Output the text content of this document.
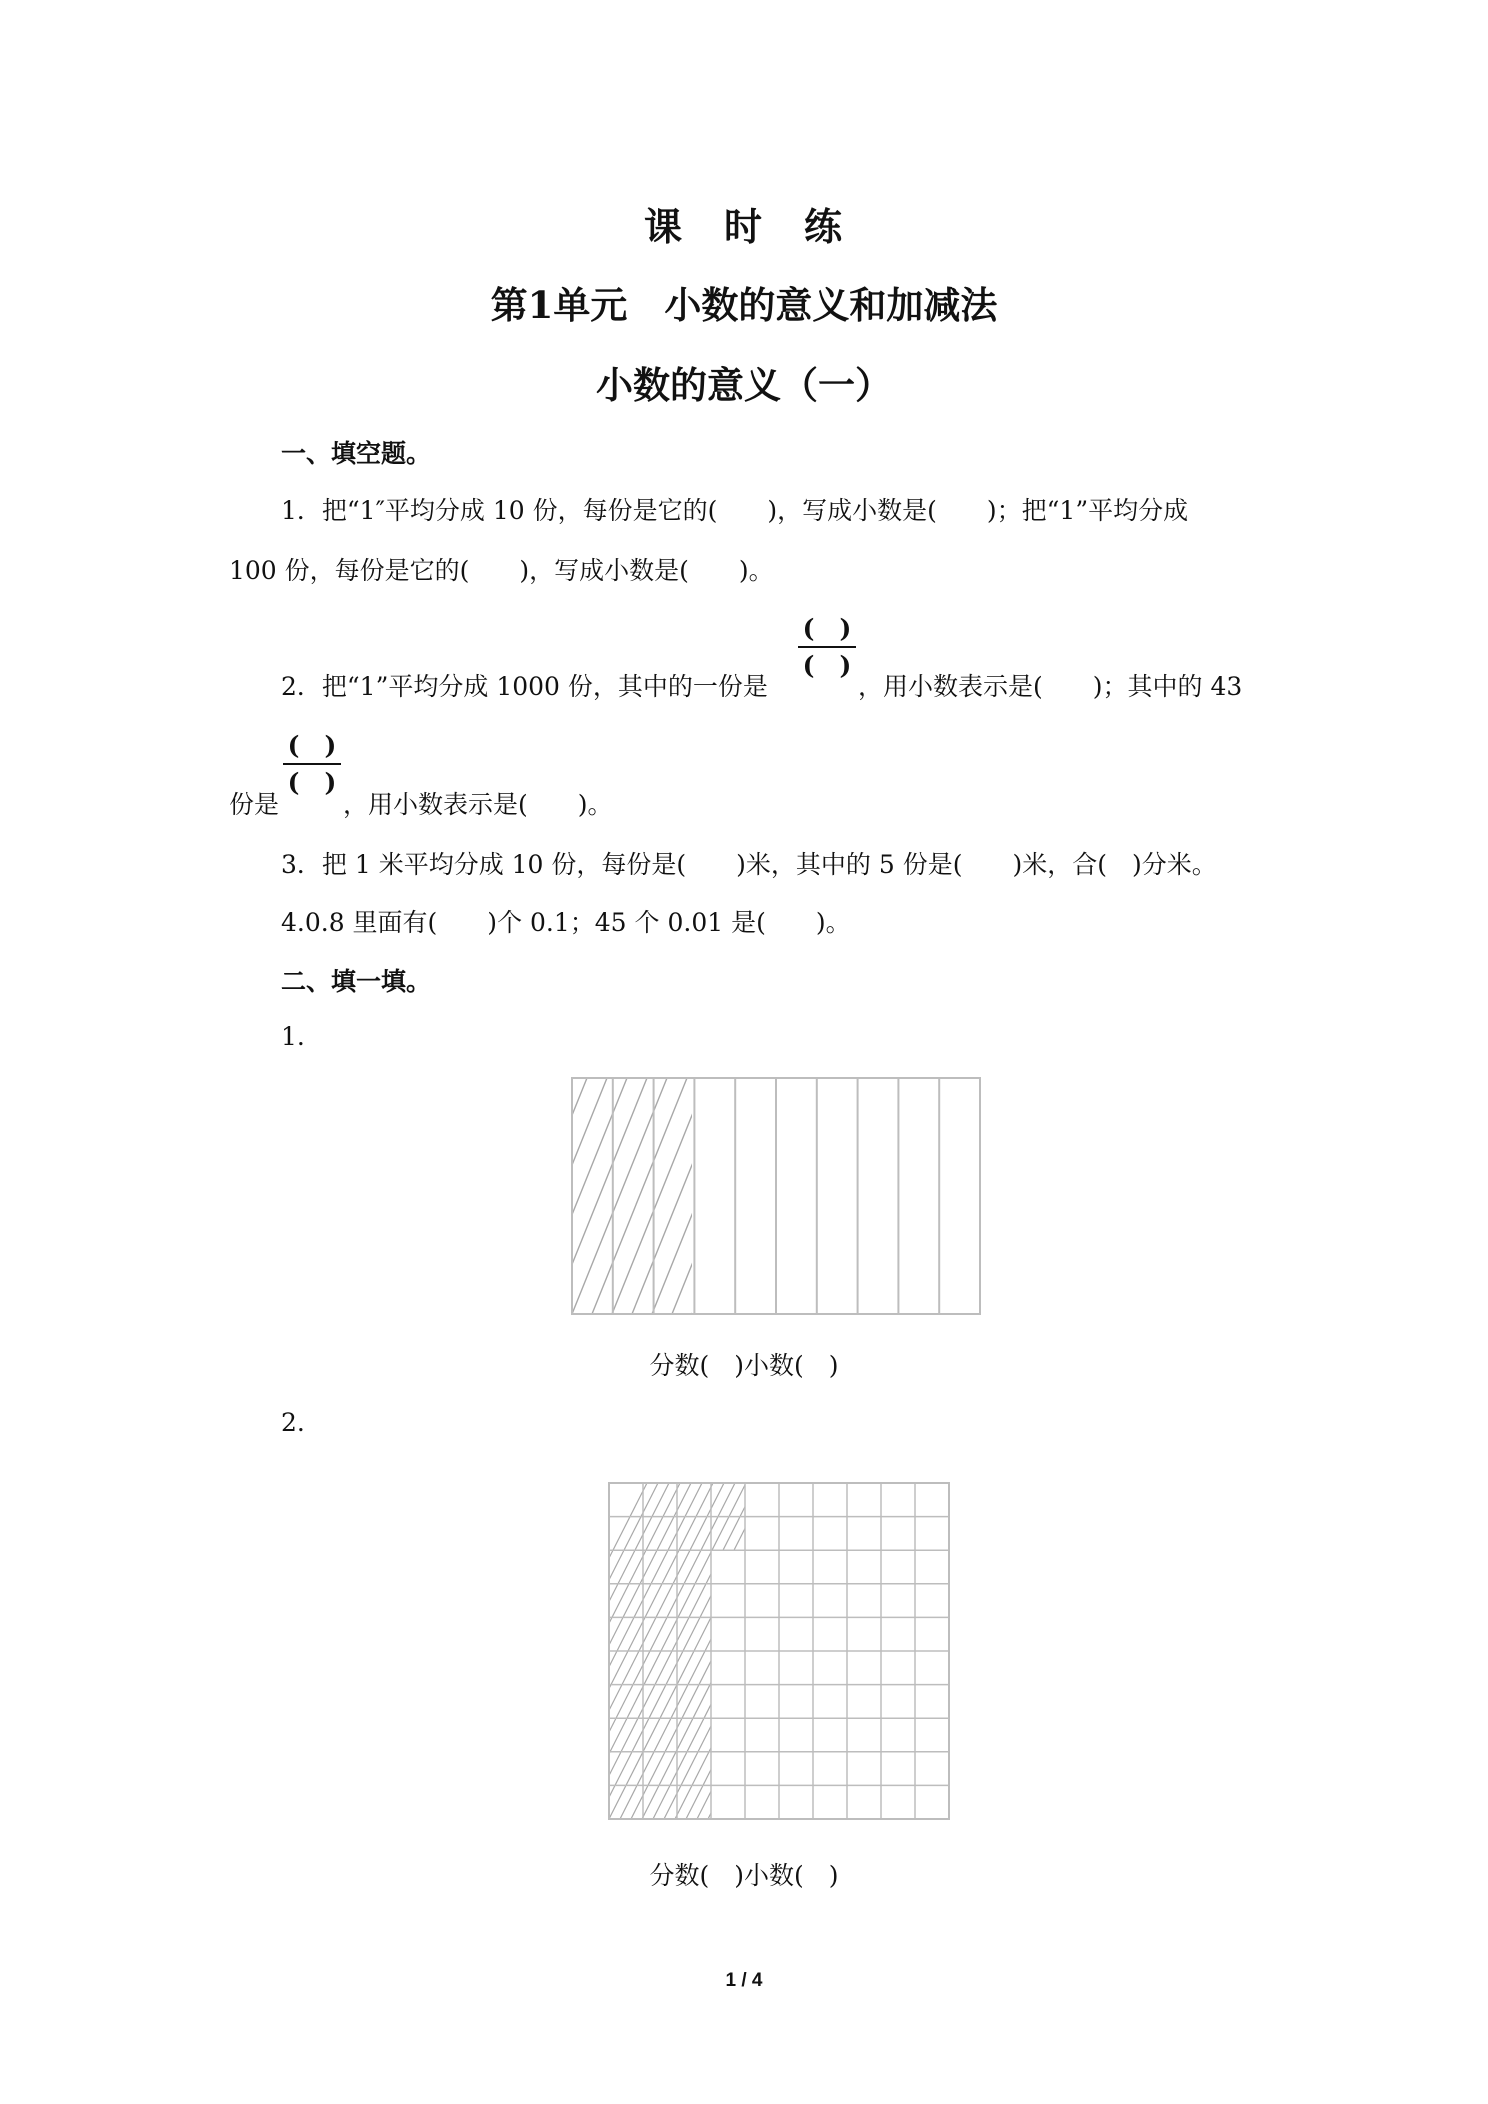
课 时 练
第1单元　小数的意义和加减法
小数的意义（一）
一、填空题。
1．把“1″平均分成 10 份，每份是它的(　　)，写成小数是(　　)；把“1”平均分成
100 份，每份是它的(　　)，写成小数是(　　)。
2．把“1”平均分成 1000 份，其中的一份是
(　)
(　)
，用小数表示是(　　)；其中的 43
份是
(　)
(　)
，用小数表示是(　　)。
3．把 1 米平均分成 10 份，每份是(　　)米，其中的 5 份是(　　)米，合(　)分米。
4.0.8 里面有(　　)个 0.1；45 个 0.01 是(　　)。
二、填一填。
1.
分数(　)小数(　)
2.
分数(　)小数(　)
1 / 4
